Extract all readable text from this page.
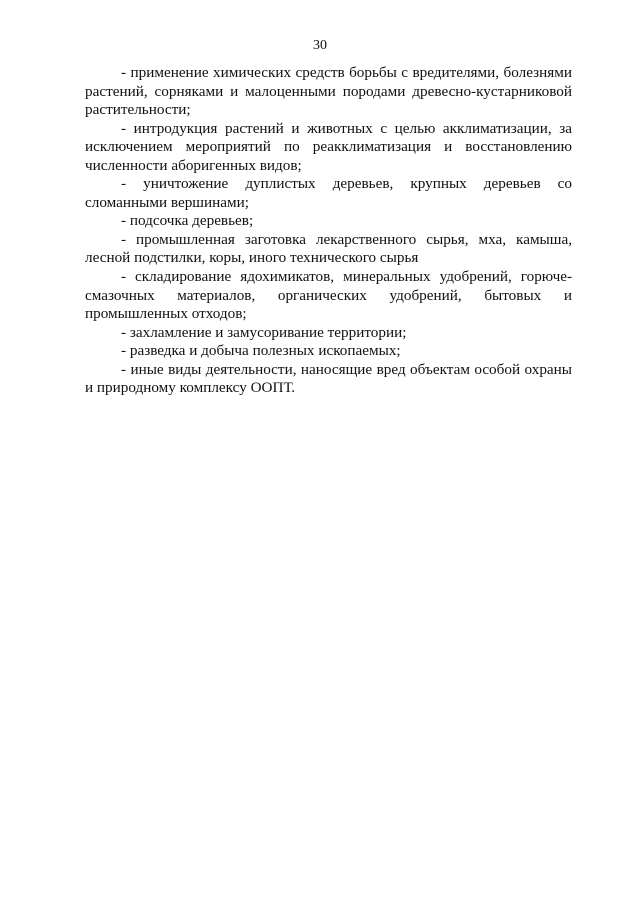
30

- применение химических средств борьбы с вредителями, болезнями растений, сорняками и малоценными породами древесно-кустарниковой растительности;

- интродукция растений и животных с целью акклиматизации, за исключением мероприятий по реакклиматизация и восстановлению численности аборигенных видов;

- уничтожение дуплистых деревьев, крупных деревьев со сломанными вершинами;

- подсочка деревьев;

- промышленная заготовка лекарственного сырья, мха, камыша, лесной подстилки, коры, иного технического сырья

- складирование ядохимикатов, минеральных удобрений, горюче-смазочных материалов, органических удобрений, бытовых и промышленных отходов;

- захламление и замусоривание территории;

- разведка и добыча полезных ископаемых;

- иные виды деятельности, наносящие вред объектам особой охраны и природному комплексу ООПТ.
